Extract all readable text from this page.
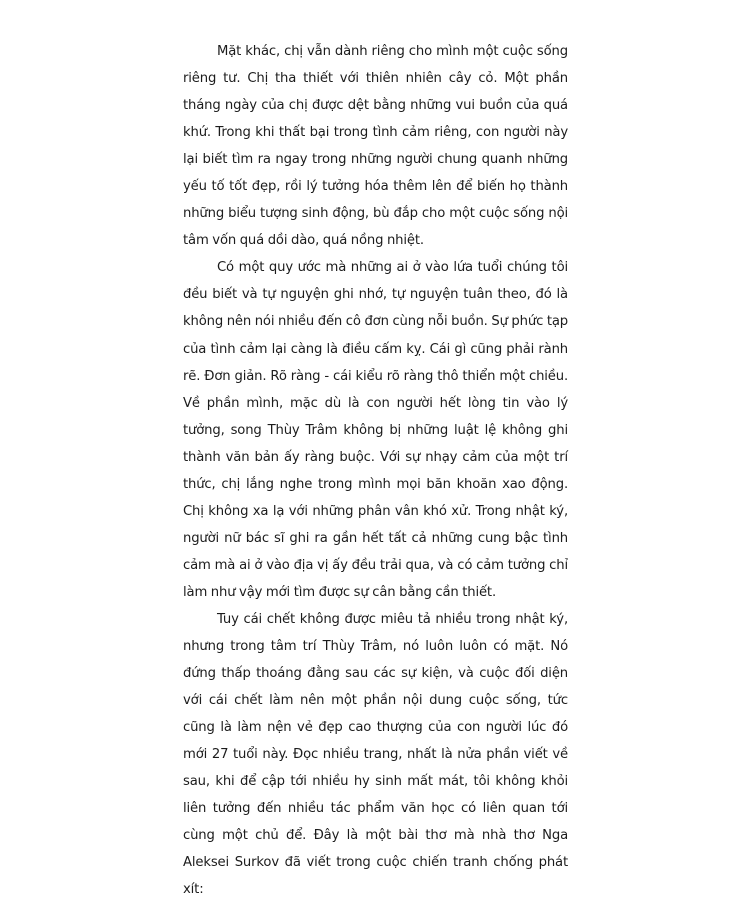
Mặt khác, chị vẫn dành riêng cho mình một cuộc sống riêng tư. Chị tha thiết với thiên nhiên cây cỏ. Một phần tháng ngày của chị được dệt bằng những vui buồn của quá khứ. Trong khi thất bại trong tình cảm riêng, con người này lại biết tìm ra ngay trong những người chung quanh những yếu tố tốt đẹp, rồi lý tưởng hóa thêm lên để biến họ thành những biểu tượng sinh động, bù đắp cho một cuộc sống nội tâm vốn quá dồi dào, quá nồng nhiệt.

Có một quy ước mà những ai ở vào lứa tuổi chúng tôi đều biết và tự nguyện ghi nhớ, tự nguyện tuân theo, đó là không nên nói nhiều đến cô đơn cùng nỗi buồn. Sự phức tạp của tình cảm lại càng là điều cấm kỵ. Cái gì cũng phải rành rẽ. Đơn giản. Rõ ràng - cái kiểu rõ ràng thô thiển một chiều. Về phần mình, mặc dù là con người hết lòng tin vào lý tưởng, song Thùy Trâm không bị những luật lệ không ghi thành văn bản ấy ràng buộc. Với sự nhạy cảm của một trí thức, chị lắng nghe trong mình mọi băn khoăn xao động. Chị không xa lạ với những phân vân khó xử. Trong nhật ký, người nữ bác sĩ ghi ra gần hết tất cả những cung bậc tình cảm mà ai ở vào địa vị ấy đều trải qua, và có cảm tưởng chỉ làm như vậy mới tìm được sự cân bằng cần thiết.

Tuy cái chết không được miêu tả nhiều trong nhật ký, nhưng trong tâm trí Thùy Trâm, nó luôn luôn có mặt. Nó đứng thấp thoáng đằng sau các sự kiện, và cuộc đối diện với cái chết làm nên một phần nội dung cuộc sống, tức cũng là làm nện vẻ đẹp cao thượng của con người lúc đó mới 27 tuổi này. Đọc nhiều trang, nhất là nửa phần viết về sau, khi để cập tới nhiều hy sinh mất mát, tôi không khỏi liên tưởng đến nhiều tác phẩm văn học có liên quan tới cùng một chủ để. Đây là một bài thơ mà nhà thơ Nga Aleksei Surkov đã viết trong cuộc chiến tranh chống phát xít:
